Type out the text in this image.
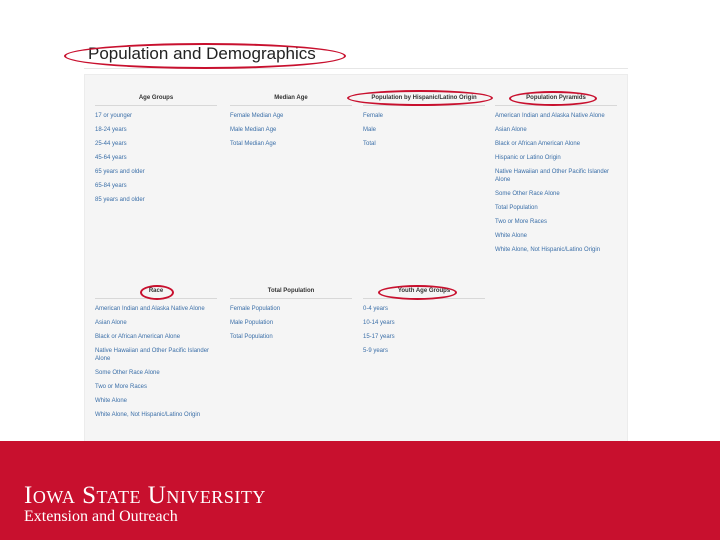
Population and Demographics
Age Groups
17 or younger
18-24 years
25-44 years
45-64 years
65 years and older
65-84 years
85 years and older
Median Age
Female Median Age
Male Median Age
Total Median Age
Population by Hispanic/Latino Origin
Female
Male
Total
Population Pyramids
American Indian and Alaska Native Alone
Asian Alone
Black or African American Alone
Hispanic or Latino Origin
Native Hawaiian and Other Pacific Islander Alone
Some Other Race Alone
Total Population
Two or More Races
White Alone
White Alone, Not Hispanic/Latino Origin
Race
American Indian and Alaska Native Alone
Asian Alone
Black or African American Alone
Native Hawaiian and Other Pacific Islander Alone
Some Other Race Alone
Two or More Races
White Alone
White Alone, Not Hispanic/Latino Origin
Total Population
Female Population
Male Population
Total Population
Youth Age Groups
0-4 years
10-14 years
15-17 years
5-9 years
Iowa State University
Extension and Outreach
